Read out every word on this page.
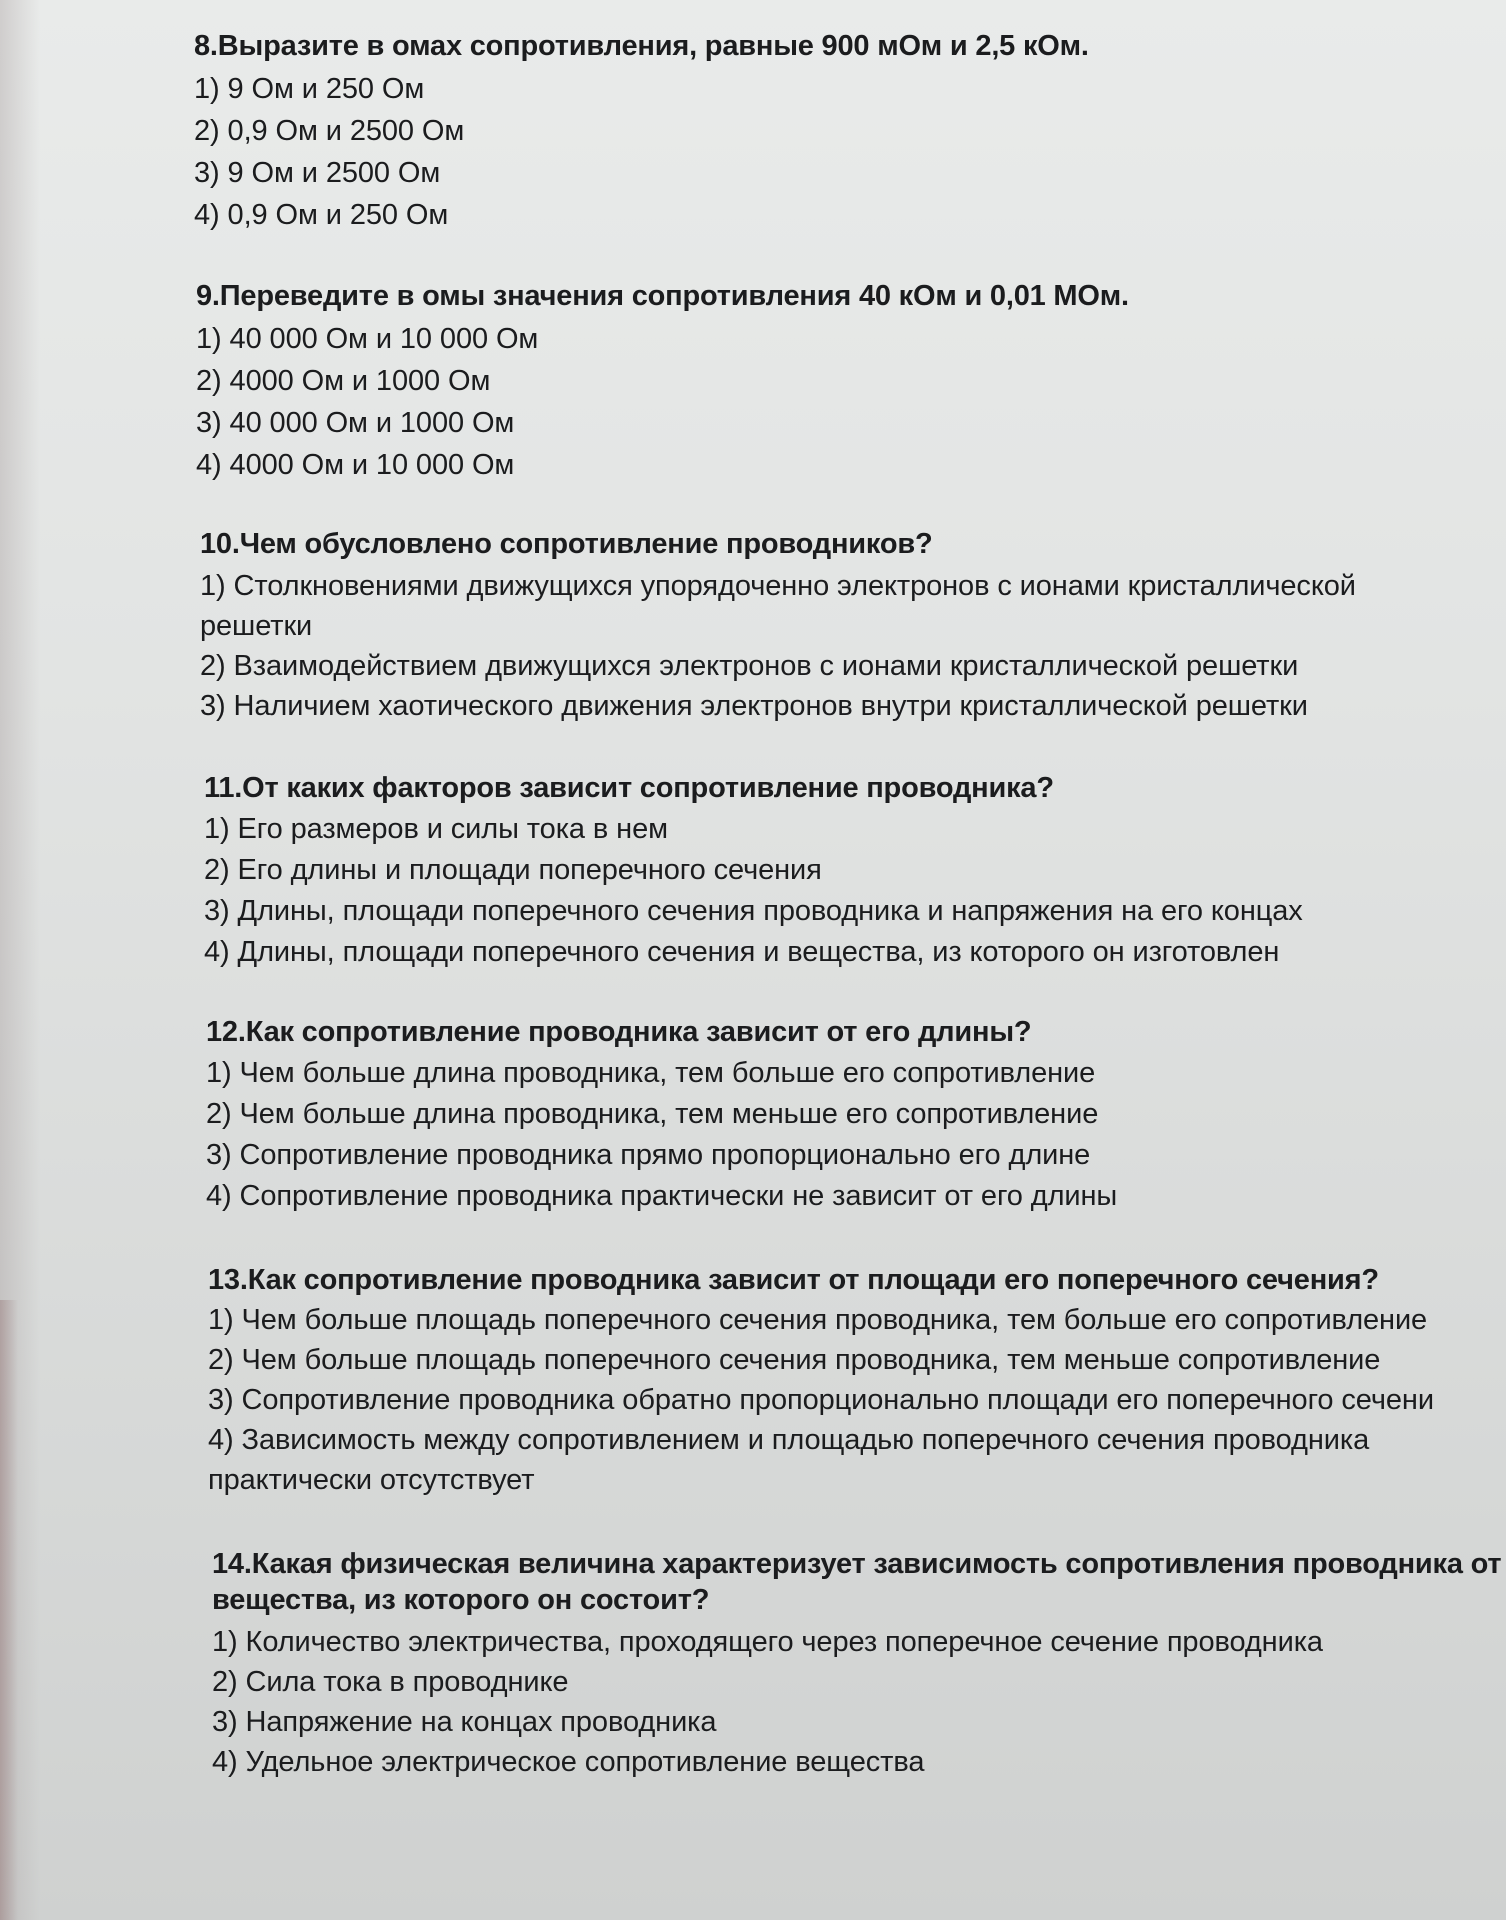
8.Выразите в омах сопротивления, равные 900 мОм и 2,5 кОм.

1) 9 Ом и 250 Ом

2) 0,9 Ом и 2500 Ом

3) 9 Ом и 2500 Ом

4) 0,9 Ом и 250 Ом

9.Переведите в омы значения сопротивления 40 кОм и 0,01 МОм.

1) 40 000 Ом и 10 000 Ом

2) 4000 Ом и 1000 Ом

3) 40 000 Ом и 1000 Ом

4) 4000 Ом и 10 000 Ом

10.Чем обусловлено сопротивление проводников?

1) Столкновениями движущихся упорядоченно электронов с ионами кристаллической

решетки

2) Взаимодействием движущихся электронов с ионами кристаллической решетки

3) Наличием хаотического движения электронов внутри кристаллической решетки

11.От каких факторов зависит сопротивление проводника?

1) Его размеров и силы тока в нем

2) Его длины и площади поперечного сечения

3) Длины, площади поперечного сечения проводника и напряжения на его концах

4) Длины, площади поперечного сечения и вещества, из которого он изготовлен

12.Как сопротивление проводника зависит от его длины?

1) Чем больше длина проводника, тем больше его сопротивление

2) Чем больше длина проводника, тем меньше его сопротивление

3) Сопротивление проводника прямо пропорционально его длине

4) Сопротивление проводника практически не зависит от его длины

13.Как сопротивление проводника зависит от площади его поперечного сечения?

1) Чем больше площадь поперечного сечения проводника, тем больше его сопротивление

2) Чем больше площадь поперечного сечения проводника, тем меньше сопротивление

3) Сопротивление проводника обратно пропорционально площади его поперечного сечени

4) Зависимость между сопротивлением и площадью поперечного сечения проводника

практически отсутствует

14.Какая физическая величина характеризует зависимость сопротивления проводника от

вещества, из которого он состоит?

1) Количество электричества, проходящего через поперечное сечение проводника

2) Сила тока в проводнике

3) Напряжение на концах проводника

4) Удельное электрическое сопротивление вещества
